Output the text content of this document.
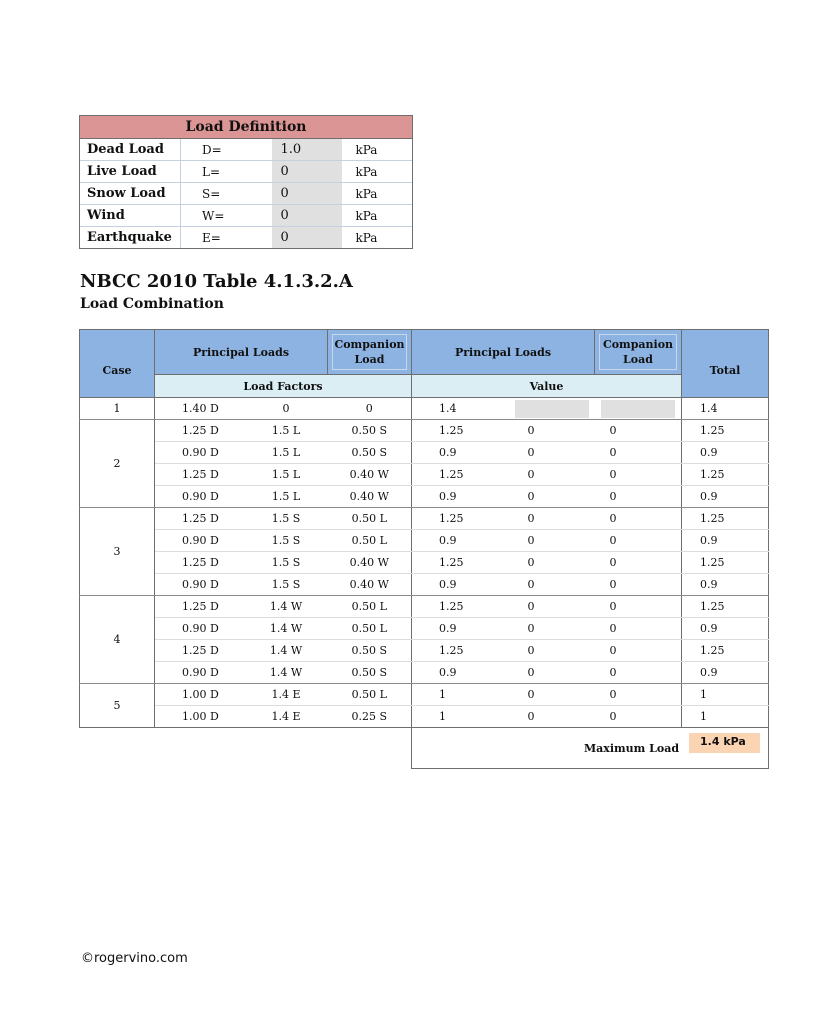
Load Definition			
Dead Load	D=	1.0	kPa
Live Load	L=	0	kPa
Snow Load	S=	0	kPa
Wind	W=	0	kPa
Earthquake	E=	0	kPa
NBCC 2010 Table 4.1.3.2.A
Load Combination
Case	Principal Loads		Companion Load	Principal Loads		Companion Load	Total
	Load Factors			Value			
1	1.40 D	0	0	1.4			1.4
2	1.25 D	1.5 L	0.50 S	1.25	0	0	1.25
	0.90 D	1.5 L	0.50 S	0.9	0	0	0.9
	1.25 D	1.5 L	0.40 W	1.25	0	0	1.25
	0.90 D	1.5 L	0.40 W	0.9	0	0	0.9
3	1.25 D	1.5 S	0.50 L	1.25	0	0	1.25
	0.90 D	1.5 S	0.50 L	0.9	0	0	0.9
	1.25 D	1.5 S	0.40 W	1.25	0	0	1.25
	0.90 D	1.5 S	0.40 W	0.9	0	0	0.9
4	1.25 D	1.4 W	0.50 L	1.25	0	0	1.25
	0.90 D	1.4 W	0.50 L	0.9	0	0	0.9
	1.25 D	1.4 W	0.50 S	1.25	0	0	1.25
	0.90 D	1.4 W	0.50 S	0.9	0	0	0.9
5	1.00 D	1.4 E	0.50 L	1	0	0	1
	1.00 D	1.4 E	0.25 S	1	0	0	1
Maximum Load
1.4 kPa
©rogervino.com
